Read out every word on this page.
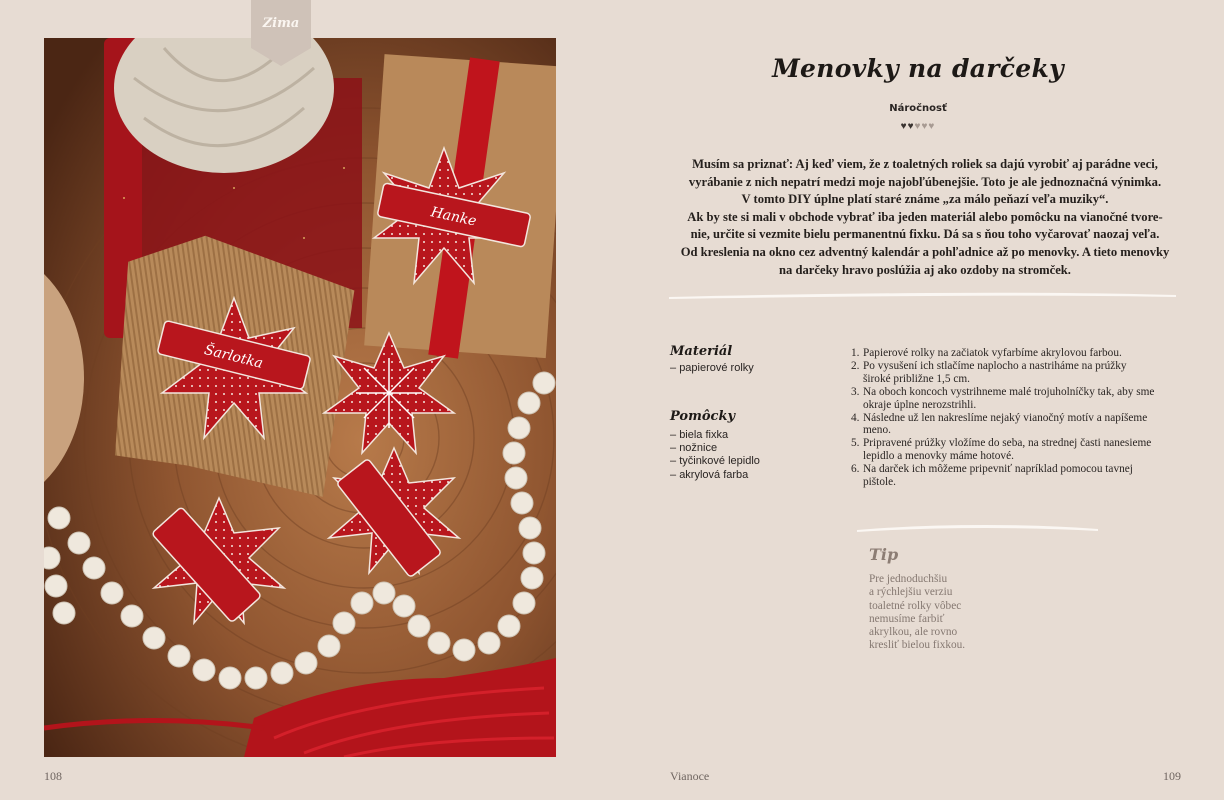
Zima
Hanke
Šarlotka
108
Menovky na darčeky
Náročnosť
♥♥♥♥♥

Musím sa priznať: Aj keď viem, že z toaletných roliek sa dajú vyrobiť aj parádne veci,

vyrábanie z nich nepatrí medzi moje najobľúbenejšie. Toto je ale jednoznačná výnimka.

V tomto DIY úplne platí staré známe „za málo peňazí veľa muziky“.

Ak by ste si mali v obchode vybrať iba jeden materiál alebo pomôcku na vianočné tvore-

nie, určite si vezmite bielu permanentnú fixku. Dá sa s ňou toho vyčarovať naozaj veľa.

Od kreslenia na okno cez adventný kalendár a pohľadnice až po menovky. A tieto menovky

na darčeky hravo poslúžia aj ako ozdoby na stromček.

Materiál
– papierové rolky
Pomôcky
– biela fixka
– nožnice
– tyčinkové lepidlo
– akrylová farba
1. Papierové rolky na začiatok vyfarbíme akrylovou farbou.
2. Po vysušení ich stlačíme naplocho a nastriháme na prúžky
široké približne 1,5 cm.
3. Na oboch koncoch vystrihneme malé trojuholníčky tak, aby sme
okraje úplne nerozstrihli.
4. Následne už len nakreslíme nejaký vianočný motív a napíšeme
meno.
5. Pripravené prúžky vložíme do seba, na strednej časti nanesieme
lepidlo a menovky máme hotové.
6. Na darček ich môžeme pripevniť napríklad pomocou tavnej
pištole.
Tip
Pre jednoduchšiu
a rýchlejšiu verziu
toaletné rolky vôbec
nemusíme farbiť
akrylkou, ale rovno
kresliť bielou fixkou.
Vianoce	109
